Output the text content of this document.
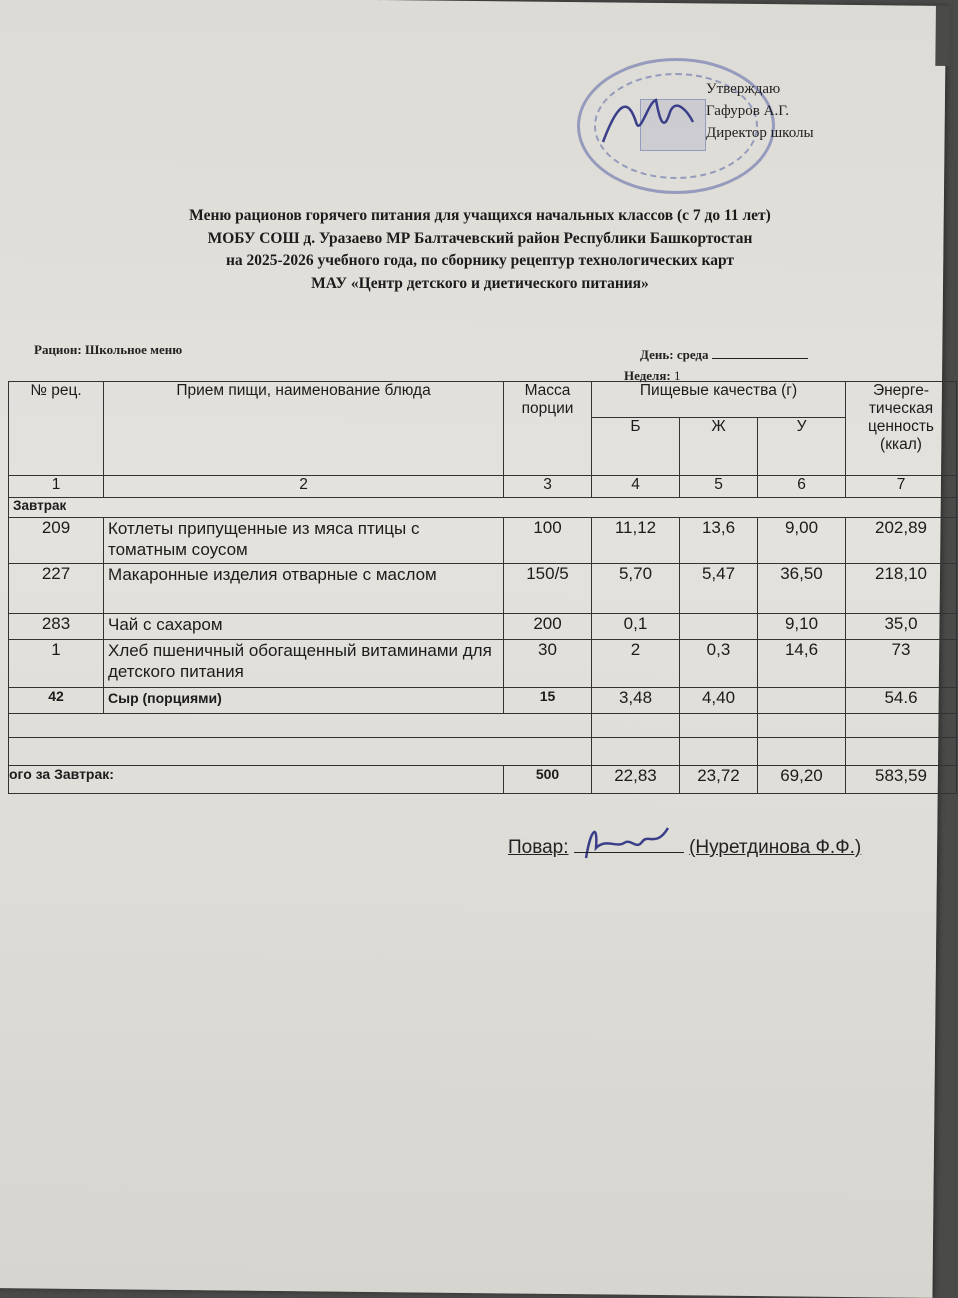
Утверждаю
Гафуров А.Г.
Директор школы
Меню рационов горячего питания для учащихся начальных классов (с 7 до 11 лет)
МОБУ СОШ д. Уразаево МР Балтачевский район Республики Башкортостан
на 2025-2026 учебного года, по сборнику рецептур технологических карт
МАУ «Центр детского и диетического питания»
Рацион: Школьное меню	День: среда
Неделя: 1
№ рец.	Прием пищи, наименование блюда	Масса порции	Пищевые качества (г)			Энерге-тическая ценность (ккал)
			Б	Ж	У	
1	2	3	4	5	6	7
Завтрак						
209	Котлеты припущенные из мяса птицы с томатным соусом	100	11,12	13,6	9,00	202,89
227	Макаронные изделия отварные с маслом	150/5	5,70	5,47	36,50	218,10
283	Чай с сахаром	200	0,1		9,10	35,0
1	Хлеб пшеничный обогащенный витаминами для детского питания	30	2	0,3	14,6	73
42	Сыр (порциями)	15	3,48	4,40		54.6

ого за Завтрак:		500	22,83	23,72	69,20	583,59
Повар:	(Нуретдинова Ф.Ф.)
